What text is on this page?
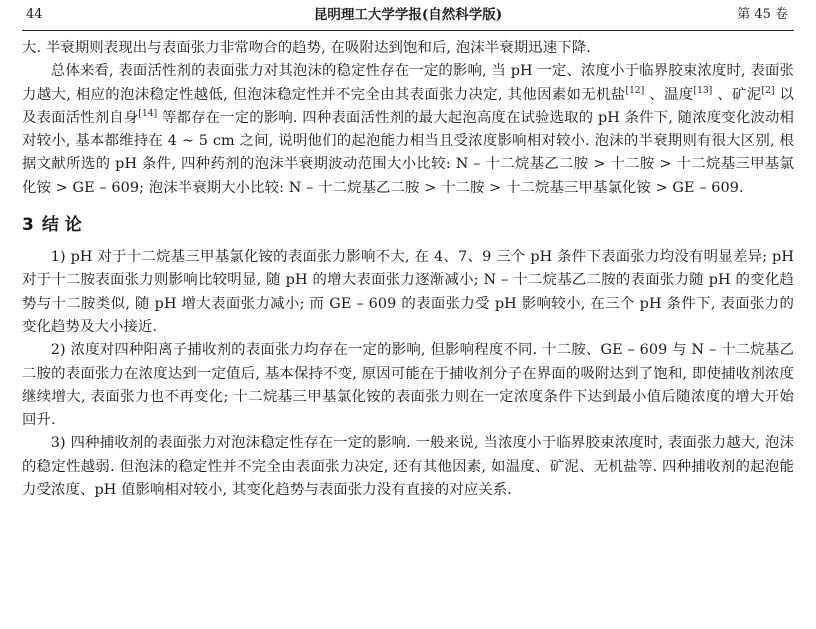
44	昆明理工大学学报(自然科学版)	第 45 卷

大. 半衰期则表现出与表面张力非常吻合的趋势, 在吸附达到饱和后, 泡沫半衰期迅速下降.

总体来看, 表面活性剂的表面张力对其泡沫的稳定性存在一定的影响, 当 pH 一定、浓度小于临界胶束浓度时, 表面张力越大, 相应的泡沫稳定性越低, 但泡沫稳定性并不完全由其表面张力决定, 其他因素如无机盐[12] 、温度[13] 、矿泥[2] 以及表面活性剂自身[14] 等都存在一定的影响. 四种表面活性剂的最大起泡高度在试验选取的 pH 条件下, 随浓度变化波动相对较小, 基本都维持在 4 ~ 5 cm 之间, 说明他们的起泡能力相当且受浓度影响相对较小. 泡沫的半衰期则有很大区别, 根据文献所选的 pH 条件, 四种药剂的泡沫半衰期波动范围大小比较: N – 十二烷基乙二胺 > 十二胺 > 十二烷基三甲基氯化铵 > GE – 609; 泡沫半衰期大小比较: N – 十二烷基乙二胺 > 十二胺 > 十二烷基三甲基氯化铵 > GE – 609.

3 结 论

1) pH 对于十二烷基三甲基氯化铵的表面张力影响不大, 在 4、7、9 三个 pH 条件下表面张力均没有明显差异; pH 对于十二胺表面张力则影响比较明显, 随 pH 的增大表面张力逐渐减小; N – 十二烷基乙二胺的表面张力随 pH 的变化趋势与十二胺类似, 随 pH 增大表面张力减小; 而 GE – 609 的表面张力受 pH 影响较小, 在三个 pH 条件下, 表面张力的变化趋势及大小接近.

2) 浓度对四种阳离子捕收剂的表面张力均存在一定的影响, 但影响程度不同. 十二胺、GE – 609 与 N – 十二烷基乙二胺的表面张力在浓度达到一定值后, 基本保持不变, 原因可能在于捕收剂分子在界面的吸附达到了饱和, 即使捕收剂浓度继续增大, 表面张力也不再变化; 十二烷基三甲基氯化铵的表面张力则在一定浓度条件下达到最小值后随浓度的增大开始回升.

3) 四种捕收剂的表面张力对泡沫稳定性存在一定的影响. 一般来说, 当浓度小于临界胶束浓度时, 表面张力越大, 泡沫的稳定性越弱. 但泡沫的稳定性并不完全由表面张力决定, 还有其他因素, 如温度、矿泥、无机盐等. 四种捕收剂的起泡能力受浓度、pH 值影响相对较小, 其变化趋势与表面张力没有直接的对应关系.
